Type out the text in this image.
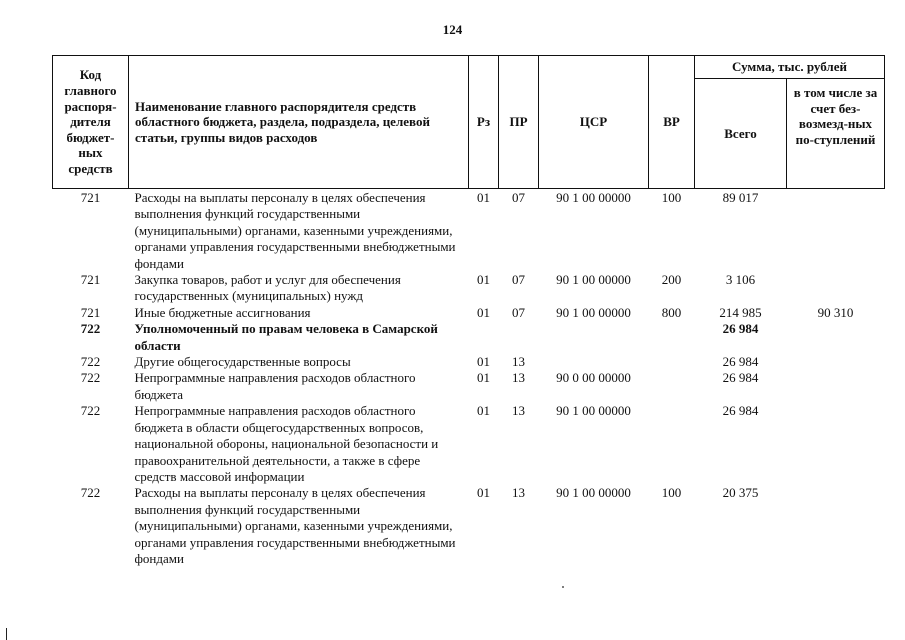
124
Код главного распоря-дителя бюджет-ных средств	Наименование главного распорядителя средств областного бюджета, раздела, подраздела, целевой статьи, группы видов расходов	Рз	ПР	ЦСР	ВР	Сумма, тыс. рублей	
						Всего	в том числе за счет без-возмезд-ных по-ступлений
721	Расходы на выплаты персоналу в целях обеспечения выполнения функций государственными (муниципальными) органами, казенными учреждениями, органами управления государственными внебюджетными фондами	01	07	90 1 00 00000	100	89 017	
721	Закупка товаров, работ и услуг для обеспечения государственных (муниципальных) нужд	01	07	90 1 00 00000	200	3 106	
721	Иные бюджетные ассигнования	01	07	90 1 00 00000	800	214 985	90 310
722	Уполномоченный по правам человека в Самарской области					26 984	
722	Другие общегосударственные вопросы	01	13			26 984	
722	Непрограммные направления расходов областного бюджета	01	13	90 0 00 00000		26 984	
722	Непрограммные направления расходов областного бюджета в области общегосударственных вопросов, национальной обороны, национальной безопасности и правоохранительной деятельности, а также в сфере средств массовой информации	01	13	90 1 00 00000		26 984	
722	Расходы на выплаты персоналу в целях обеспечения выполнения функций государственными (муниципальными) органами, казенными учреждениями, органами управления государственными внебюджетными фондами	01	13	90 1 00 00000	100	20 375	
